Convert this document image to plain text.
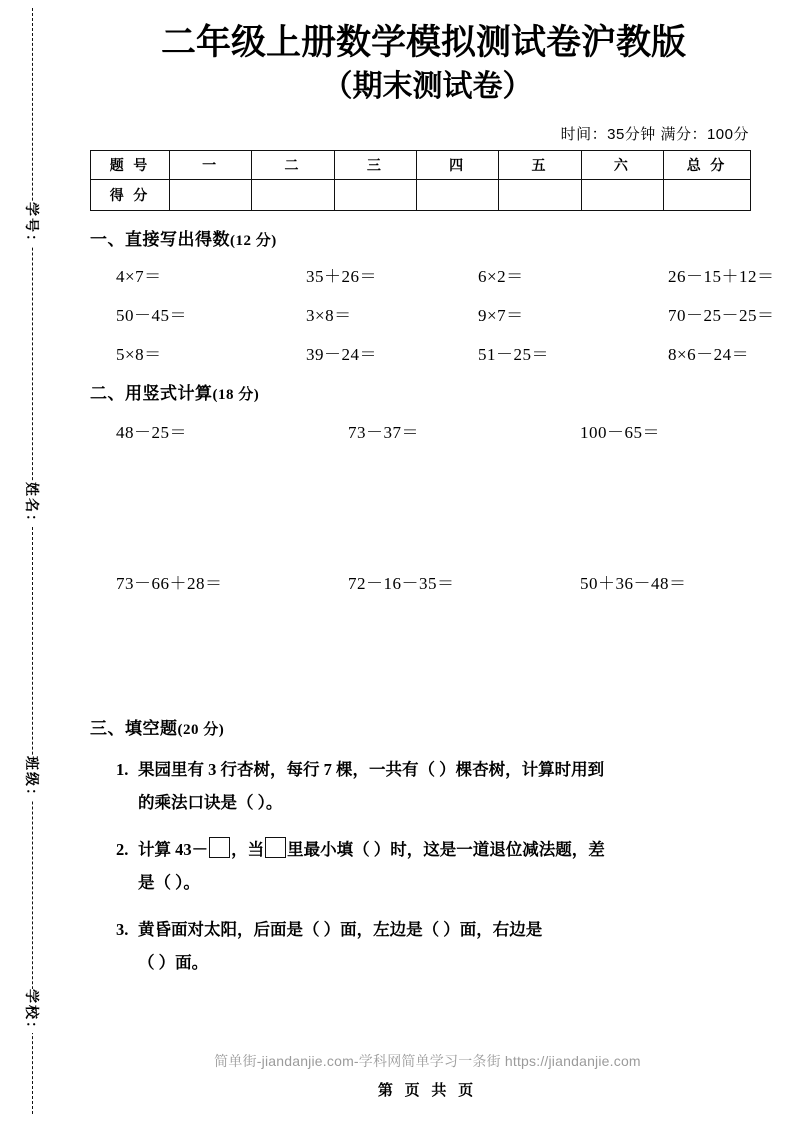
学号：
姓名：
班级：
学校：
二年级上册数学模拟测试卷沪教版
（期末测试卷）
时间：35分钟 满分：100分
题 号	一	二	三	四	五	六	总 分
得 分							
一、直接写出得数(12 分)
4×7＝	35＋26＝	6×2＝	26－15＋12＝
50－45＝	3×8＝	9×7＝	70－25－25＝
5×8＝	39－24＝	51－25＝	8×6－24＝
二、用竖式计算(18 分)
48－25＝	73－37＝	100－65＝
73－66＋28＝	72－16－35＝	50＋36－48＝
三、填空题(20 分)
1. 果园里有 3 行杏树，每行 7 棵，一共有（ ）棵杏树，计算时用到
的乘法口诀是（ ）。
2. 计算 43－ ，当 里最小填（ ）时，这是一道退位减法题，差
是（ ）。
3. 黄昏面对太阳，后面是（ ）面，左边是（ ）面，右边是
（ ）面。
简单街-jiandanjie.com-学科网简单学习一条街 https://jiandanjie.com
第 页 共 页
